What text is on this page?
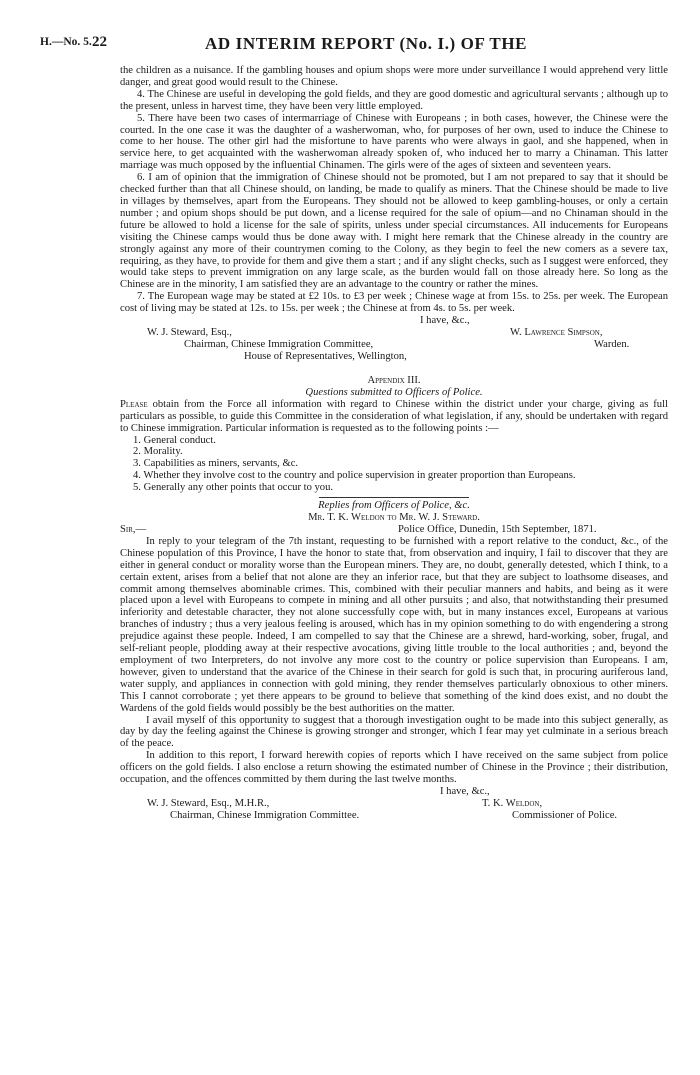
H.—No. 5. 22	AD INTERIM REPORT (No. I.) OF THE

the children as a nuisance. If the gambling houses and opium shops were more under surveillance I would apprehend very little danger, and great good would result to the Chinese.

4. The Chinese are useful in developing the gold fields, and they are good domestic and agricultural servants ; although up to the present, unless in harvest time, they have been very little employed.

5. There have been two cases of intermarriage of Chinese with Europeans ; in both cases, however, the Chinese were the courted. In the one case it was the daughter of a washerwoman, who, for purposes of her own, used to induce the Chinese to come to her house. The other girl had the misfortune to have parents who were always in gaol, and she happened, when in service here, to get acquainted with the washerwoman already spoken of, who induced her to marry a Chinaman. This latter marriage was much opposed by the influential Chinamen. The girls were of the ages of sixteen and seventeen years.

6. I am of opinion that the immigration of Chinese should not be promoted, but I am not prepared to say that it should be checked further than that all Chinese should, on landing, be made to qualify as miners. That the Chinese should be made to live in villages by themselves, apart from the Europeans. They should not be allowed to keep gambling-houses, or only a certain number ; and opium shops should be put down, and a license required for the sale of opium—and no Chinaman should in the future be allowed to hold a license for the sale of spirits, unless under special circumstances. All inducements for Europeans visiting the Chinese camps would thus be done away with. I might here remark that the Chinese already in the country are strongly against any more of their countrymen coming to the Colony, as they begin to feel the new comers as a severe tax, requiring, as they have, to provide for them and give them a start ; and if any slight checks, such as I suggest were enforced, they would take steps to prevent immigration on any large scale, as the burden would fall on those already here. So long as the Chinese are in the minority, I am satisfied they are an advantage to the country or rather the mines.

7. The European wage may be stated at £2 10s. to £3 per week ; Chinese wage at from 15s. to 25s. per week. The European cost of living may be stated at 12s. to 15s. per week ; the Chinese at from 4s. to 5s. per week.

I have, &c.,
W. J. Steward, Esq.,	W. Lawrence Simpson,
Chairman, Chinese Immigration Committee,	Warden.
House of Representatives, Wellington,

Appendix III.

Questions submitted to Officers of Police.

Please obtain from the Force all information with regard to Chinese within the district under your charge, giving as full particulars as possible, to guide this Committee in the consideration of what legislation, if any, should be undertaken with regard to Chinese immigration. Particular information is requested as to the following points :—

1. General conduct.

2. Morality.

3. Capabilities as miners, servants, &c.

4. Whether they involve cost to the country and police supervision in greater proportion than Europeans.

5. Generally any other points that occur to you.

Replies from Officers of Police, &c.

Mr. T. K. Weldon to Mr. W. J. Steward.

Sir,—	Police Office, Dunedin, 15th September, 1871.

In reply to your telegram of the 7th instant, requesting to be furnished with a report relative to the conduct, &c., of the Chinese population of this Province, I have the honor to state that, from observation and inquiry, I fail to discover that they are either in general conduct or morality worse than the European miners. They are, no doubt, generally detested, which I think, to a certain extent, arises from a belief that not alone are they an inferior race, but that they are subject to loathsome diseases, and commit among themselves abominable crimes. This, combined with their peculiar manners and habits, and being as it were placed upon a level with Europeans to compete in mining and all other pursuits ; and also, that notwithstanding their presumed inferiority and detestable character, they not alone successfully cope with, but in many instances excel, Europeans at various branches of industry ; thus a very jealous feeling is aroused, which has in my opinion something to do with engendering a strong prejudice against these people. Indeed, I am compelled to say that the Chinese are a shrewd, hard-working, sober, frugal, and self-reliant people, plodding away at their respective avocations, giving little trouble to the local authorities ; and, beyond the employment of two Interpreters, do not involve any more cost to the country or police supervision than Europeans. I am, however, given to understand that the avarice of the Chinese in their search for gold is such that, in procuring auriferous land, water supply, and appliances in connection with gold mining, they render themselves particularly obnoxious to other miners. This I cannot corroborate ; yet there appears to be ground to believe that something of the kind does exist, and no doubt the Wardens of the gold fields would possibly be the best authorities on the matter.

I avail myself of this opportunity to suggest that a thorough investigation ought to be made into this subject generally, as day by day the feeling against the Chinese is growing stronger and stronger, which I fear may yet culminate in a serious breach of the peace.

In addition to this report, I forward herewith copies of reports which I have received on the same subject from police officers on the gold fields. I also enclose a return showing the estimated number of Chinese in the Province ; their distribution, occupation, and the offences committed by them during the last twelve months.

I have, &c.,
W. J. Steward, Esq., M.H.R.,	T. K. Weldon,
Chairman, Chinese Immigration Committee.	Commissioner of Police.
